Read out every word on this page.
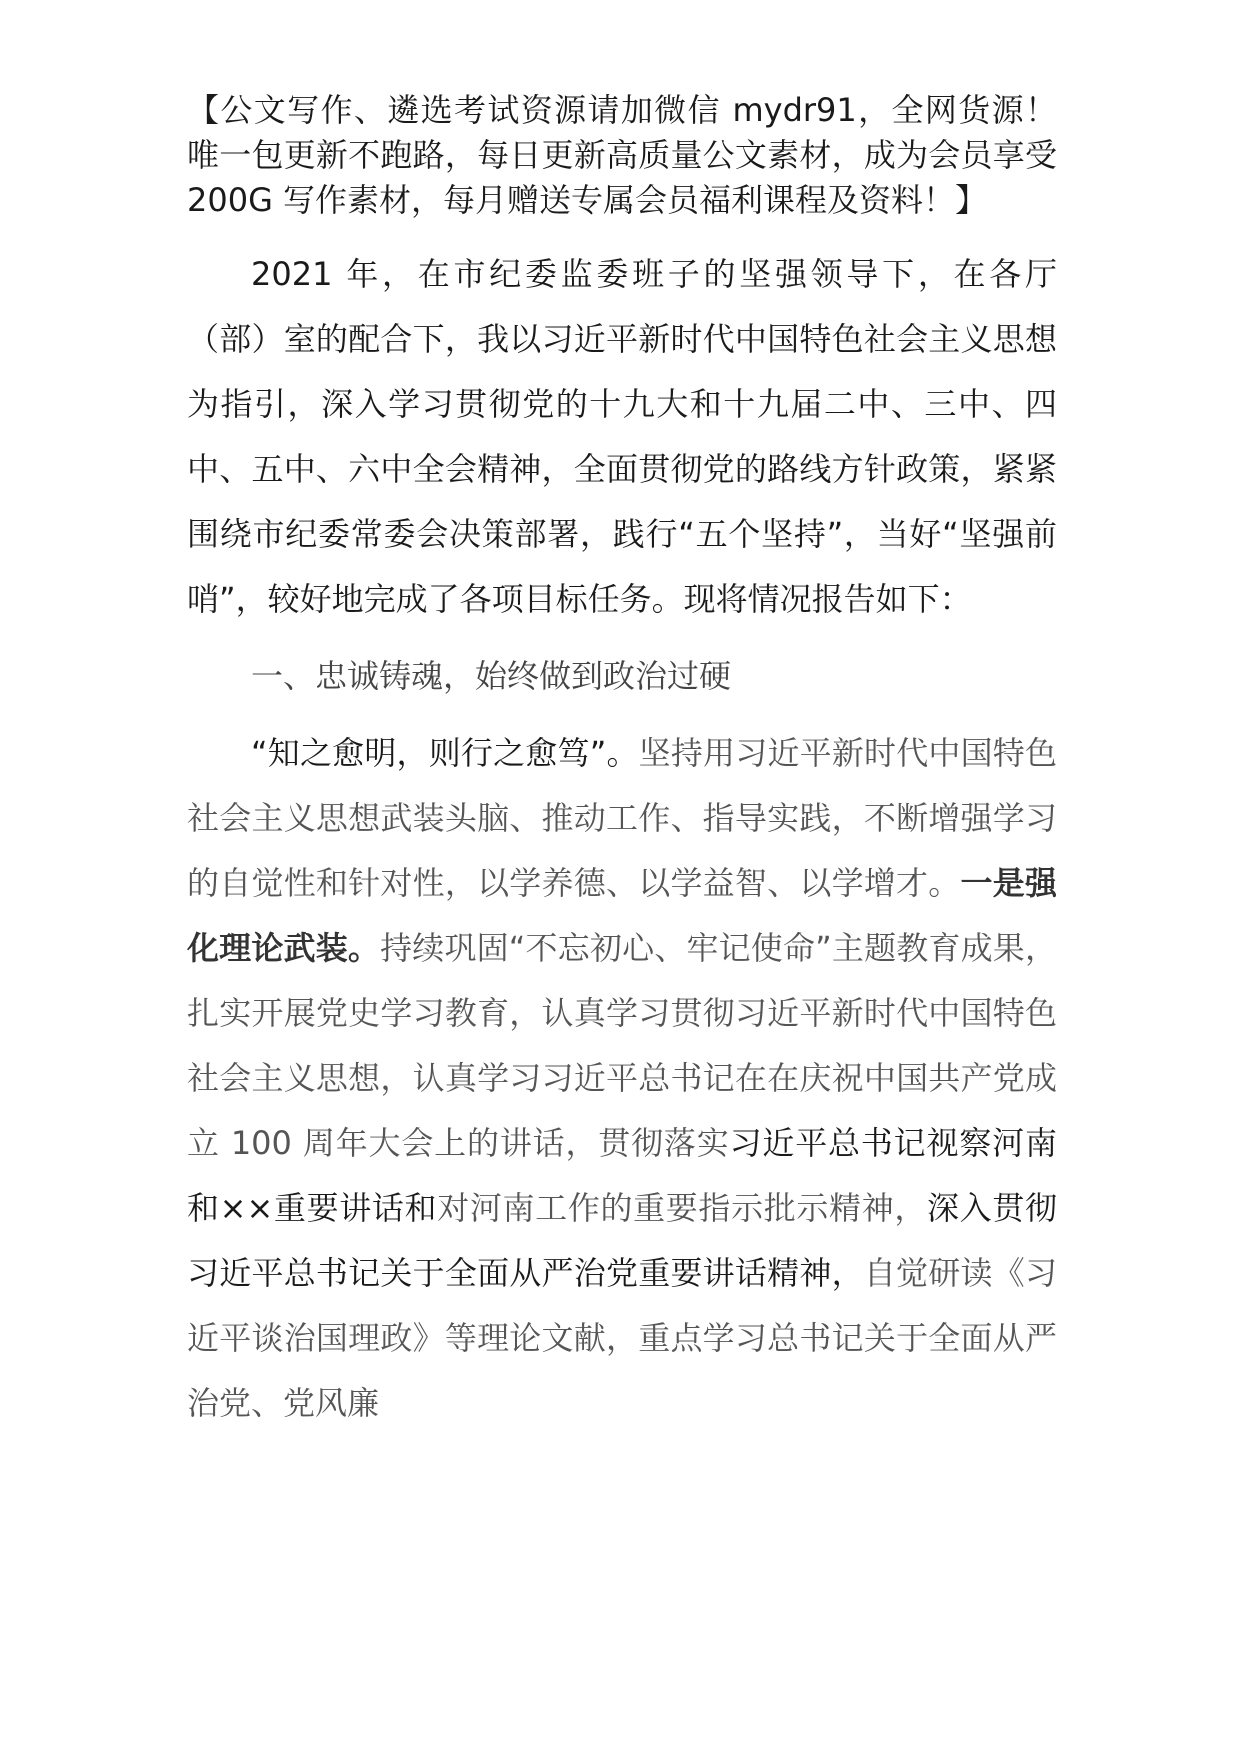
【公文写作、遴选考试资源请加微信 mydr91，全网货源！唯一包更新不跑路，每日更新高质量公文素材，成为会员享受 200G 写作素材，每月赠送专属会员福利课程及资料！】

2021 年，在市纪委监委班子的坚强领导下，在各厅（部）室的配合下，我以习近平新时代中国特色社会主义思想为指引，深入学习贯彻党的十九大和十九届二中、三中、四中、五中、六中全会精神，全面贯彻党的路线方针政策，紧紧围绕市纪委常委会决策部署，践行“五个坚持”，当好“坚强前哨”，较好地完成了各项目标任务。现将情况报告如下：

一、忠诚铸魂，始终做到政治过硬

“知之愈明，则行之愈笃”。坚持用习近平新时代中国特色社会主义思想武装头脑、推动工作、指导实践，不断增强学习的自觉性和针对性，以学养德、以学益智、以学增才。一是强化理论武装。持续巩固“不忘初心、牢记使命”主题教育成果，扎实开展党史学习教育，认真学习贯彻习近平新时代中国特色社会主义思想，认真学习习近平总书记在在庆祝中国共产党成立 100 周年大会上的讲话，贯彻落实习近平总书记视察河南和××重要讲话和对河南工作的重要指示批示精神，深入贯彻习近平总书记关于全面从严治党重要讲话精神，自觉研读《习近平谈治国理政》等理论文献，重点学习总书记关于全面从严治党、党风廉
